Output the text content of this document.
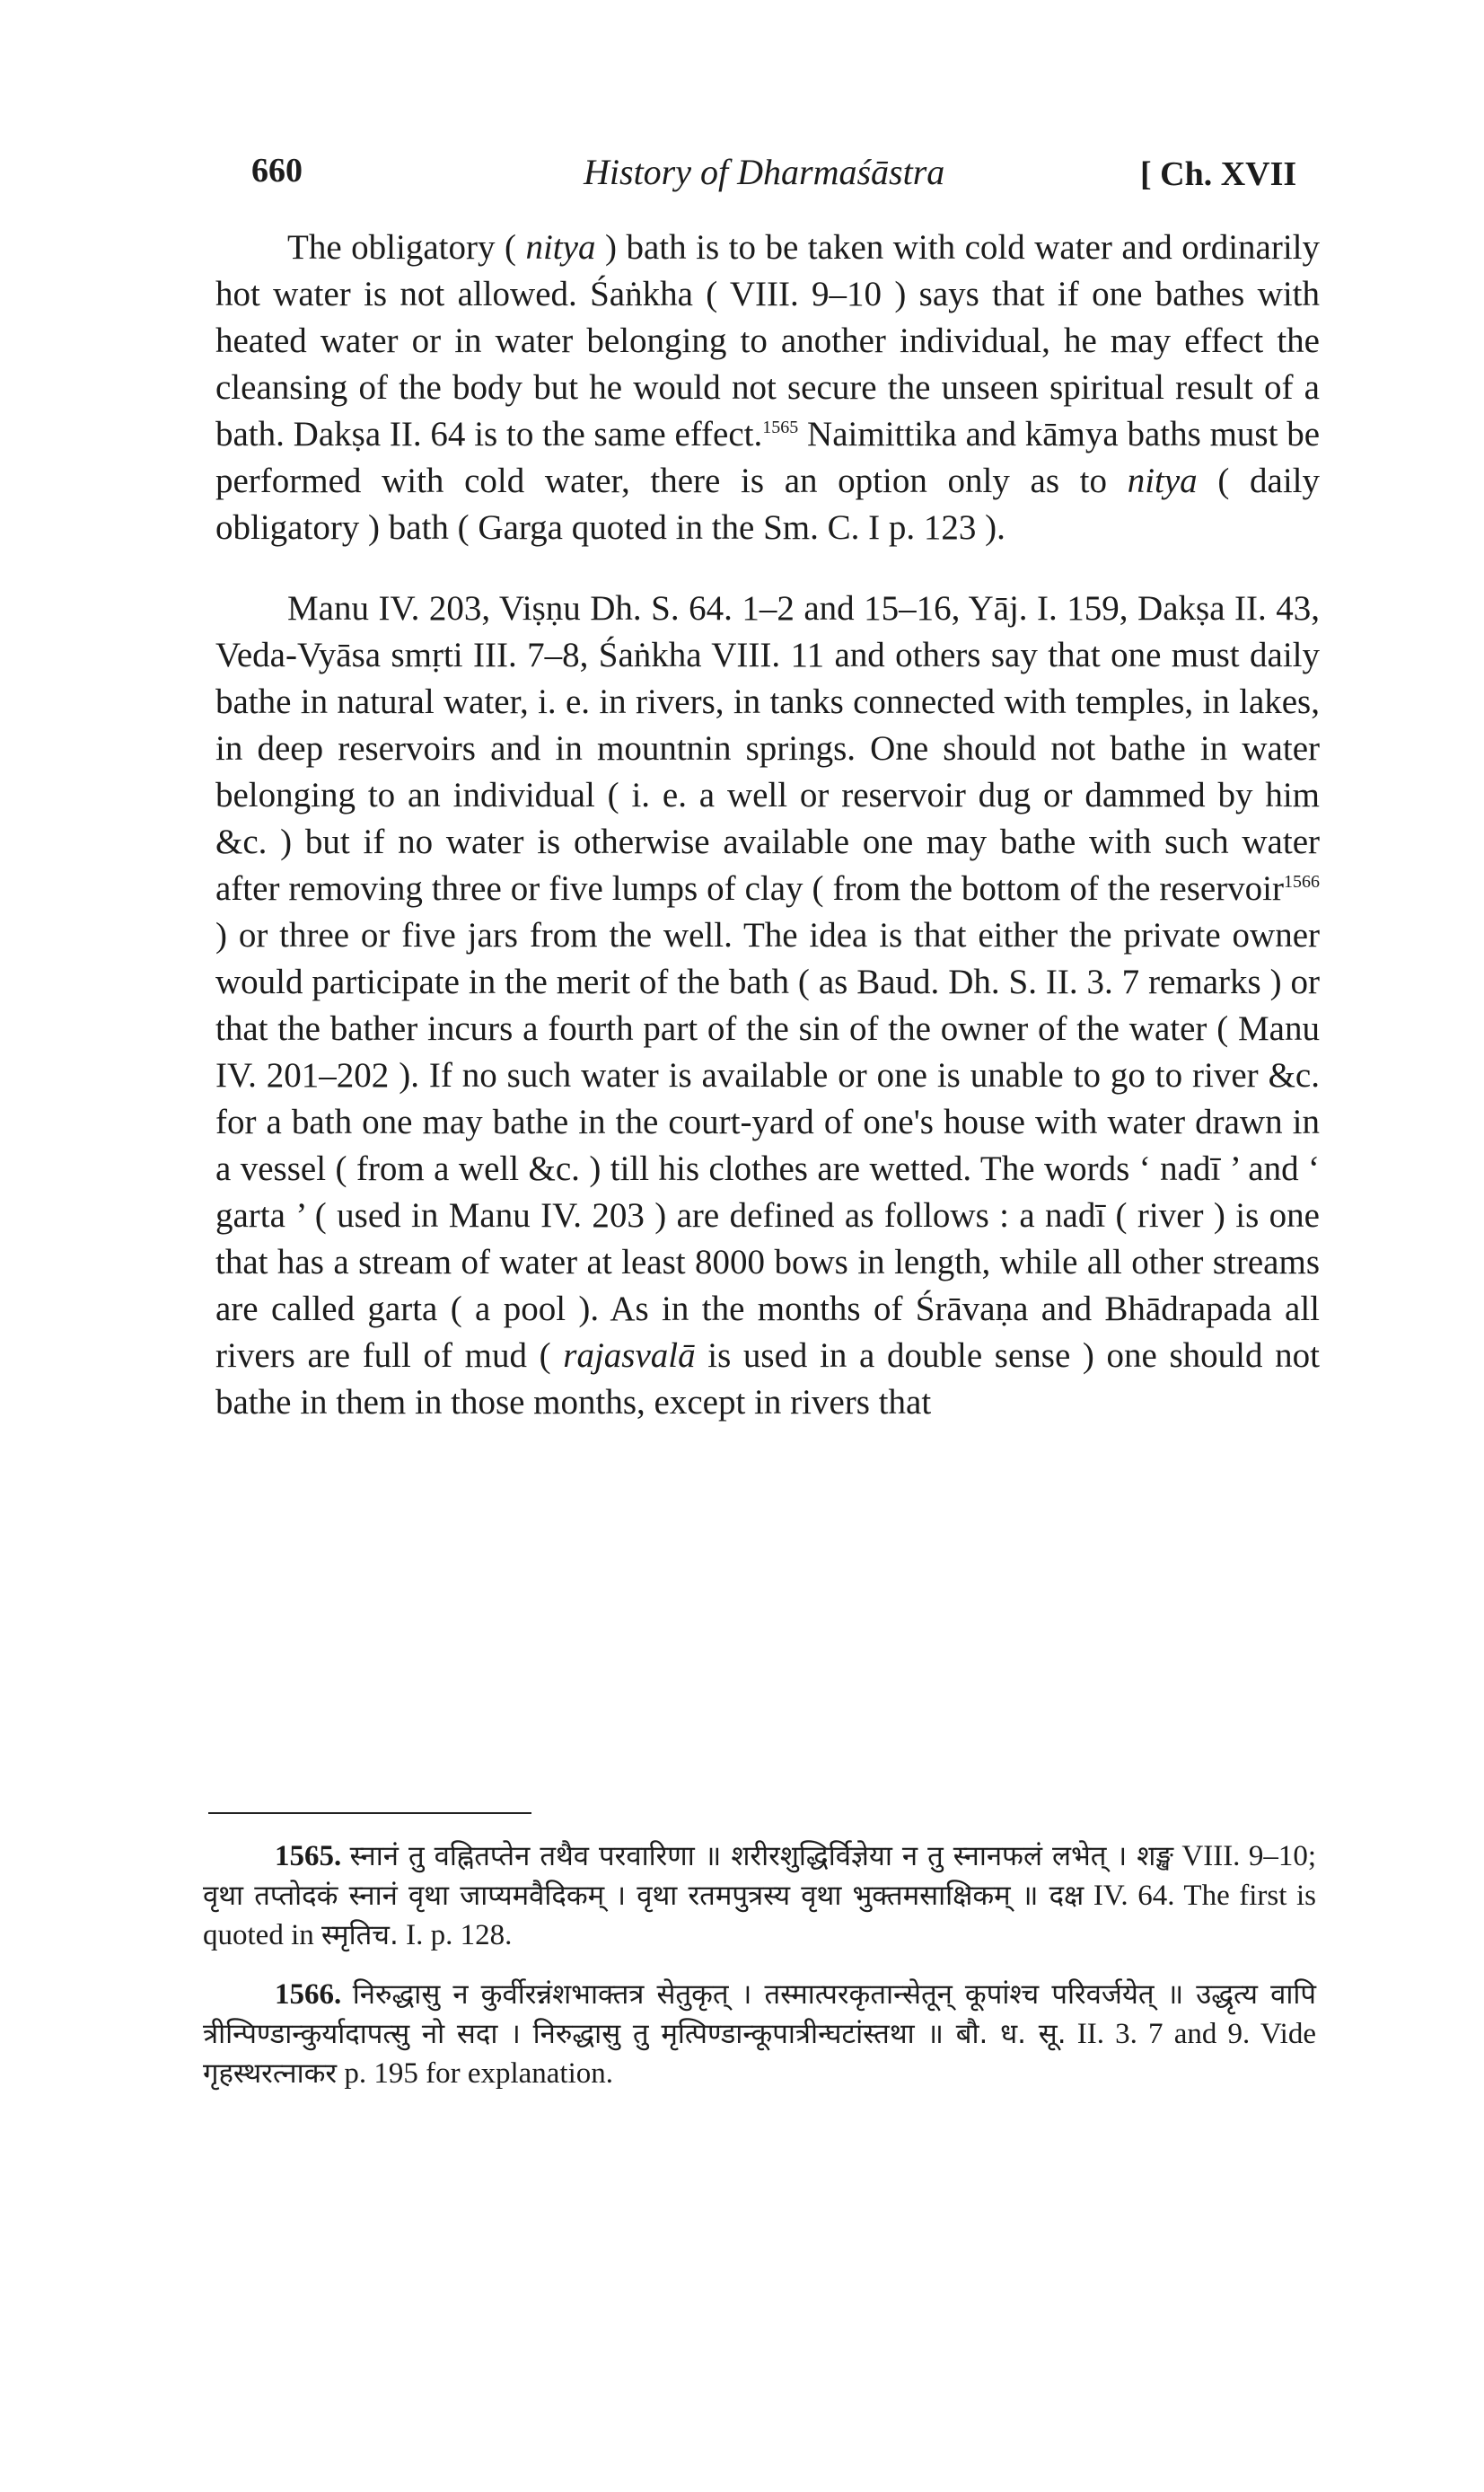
660	History of Dharmaśāstra	[ Ch. XVII

The obligatory ( nitya ) bath is to be taken with cold water and ordinarily hot water is not allowed. Śaṅkha ( VIII. 9–10 ) says that if one bathes with heated water or in water belonging to another individual, he may effect the cleansing of the body but he would not secure the unseen spiritual result of a bath. Dakṣa II. 64 is to the same effect.$^{1565}$ Naimittika and kāmya baths must be performed with cold water, there is an option only as to nitya ( daily obligatory ) bath ( Garga quoted in the Sm. C. I p. 123 ).

Manu IV. 203, Viṣṇu Dh. S. 64. 1–2 and 15–16, Yāj. I. 159, Dakṣa II. 43, Veda-Vyāsa smṛti III. 7–8, Śaṅkha VIII. 11 and others say that one must daily bathe in natural water, i. e. in rivers, in tanks connected with temples, in lakes, in deep reservoirs and in mountnin springs. One should not bathe in water belonging to an individual ( i. e. a well or reservoir dug or dammed by him &c. ) but if no water is otherwise available one may bathe with such water after removing three or five lumps of clay ( from the bottom of the reservoir$^{1566}$ ) or three or five jars from the well. The idea is that either the private owner would participate in the merit of the bath ( as Baud. Dh. S. II. 3. 7 remarks ) or that the bather incurs a fourth part of the sin of the owner of the water ( Manu IV. 201–202 ). If no such water is available or one is unable to go to river &c. for a bath one may bathe in the court-yard of one's house with water drawn in a vessel ( from a well &c. ) till his clothes are wetted. The words ‘ nadī ’ and ‘ garta ’ ( used in Manu IV. 203 ) are defined as follows : a nadī ( river ) is one that has a stream of water at least 8000 bows in length, while all other streams are called garta ( a pool ). As in the months of Śrāvaṇa and Bhādrapada all rivers are full of mud ( rajasvalā is used in a double sense ) one should not bathe in them in those months, except in rivers that

1565. स्नानं तु वह्नितप्तेन तथैव परवारिणा ॥ शरीरशुद्धिर्विज्ञेया न तु स्नानफलं लभेत् । शङ्ख VIII. 9–10; वृथा तप्तोदकं स्नानं वृथा जाप्यमवैदिकम् । वृथा रतमपुत्रस्य वृथा भुक्तमसाक्षिकम् ॥ दक्ष IV. 64. The first is quoted in स्मृतिच. I. p. 128.

1566. निरुद्धासु न कुर्वीरन्नंशभाक्तत्र सेतुकृत् । तस्मात्परकृतान्सेतून् कूपांश्च परिवर्जयेत् ॥ उद्धृत्य वापि त्रीन्पिण्डान्कुर्यादापत्सु नो सदा । निरुद्धासु तु मृत्पिण्डान्कूपात्रीन्घटांस्तथा ॥ बौ. ध. सू. II. 3. 7 and 9. Vide गृहस्थरत्नाकर p. 195 for explanation.
